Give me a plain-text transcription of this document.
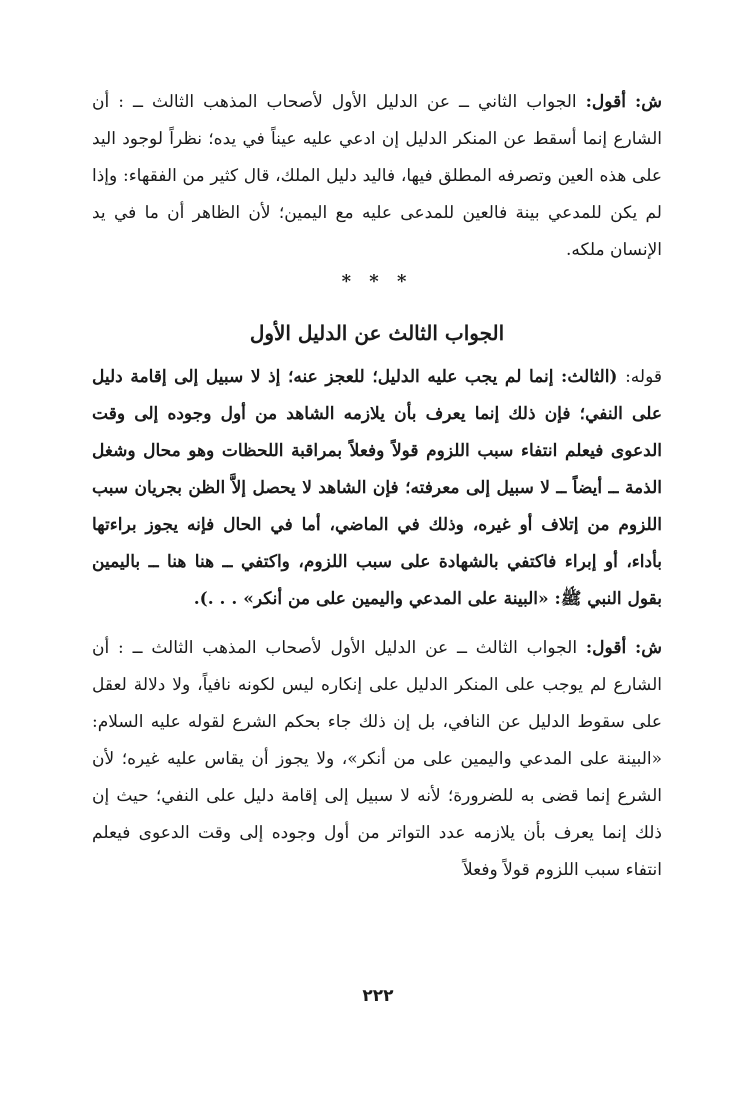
ش: أقول: الجواب الثاني ــ عن الدليل الأول لأصحاب المذهب الثالث ــ : أن الشارع إنما أسقط عن المنكر الدليل إن ادعي عليه عيناً في يده؛ نظراً لوجود اليد على هذه العين وتصرفه المطلق فيها، فاليد دليل الملك، قال كثير من الفقهاء: وإذا لم يكن للمدعي بينة فالعين للمدعى عليه مع اليمين؛ لأن الظاهر أن ما في يد الإنسان ملكه.

* * *
الجواب الثالث عن الدليل الأول

قوله: (الثالث: إنما لم يجب عليه الدليل؛ للعجز عنه؛ إذ لا سبيل إلى إقامة دليل على النفي؛ فإن ذلك إنما يعرف بأن يلازمه الشاهد من أول وجوده إلى وقت الدعوى فيعلم انتفاء سبب اللزوم قولاً وفعلاً بمراقبة اللحظات وهو محال وشغل الذمة ــ أيضاً ــ لا سبيل إلى معرفته؛ فإن الشاهد لا يحصل إلاَّ الظن بجريان سبب اللزوم من إتلاف أو غيره، وذلك في الماضي، أما في الحال فإنه يجوز براءتها بأداء، أو إبراء فاكتفي بالشهادة على سبب اللزوم، واكتفي ــ هنا هنا ــ باليمين بقول النبي ﷺ: «البينة على المدعي واليمين على من أنكر» . . .).

ش: أقول: الجواب الثالث ــ عن الدليل الأول لأصحاب المذهب الثالث ــ : أن الشارع لم يوجب على المنكر الدليل على إنكاره ليس لكونه نافياً، ولا دلالة لعقل على سقوط الدليل عن النافي، بل إن ذلك جاء بحكم الشرع لقوله عليه السلام: «البينة على المدعي واليمين على من أنكر»، ولا يجوز أن يقاس عليه غيره؛ لأن الشرع إنما قضى به للضرورة؛ لأنه لا سبيل إلى إقامة دليل على النفي؛ حيث إن ذلك إنما يعرف بأن يلازمه عدد التواتر من أول وجوده إلى وقت الدعوى فيعلم انتفاء سبب اللزوم قولاً وفعلاً

٢٢٢
